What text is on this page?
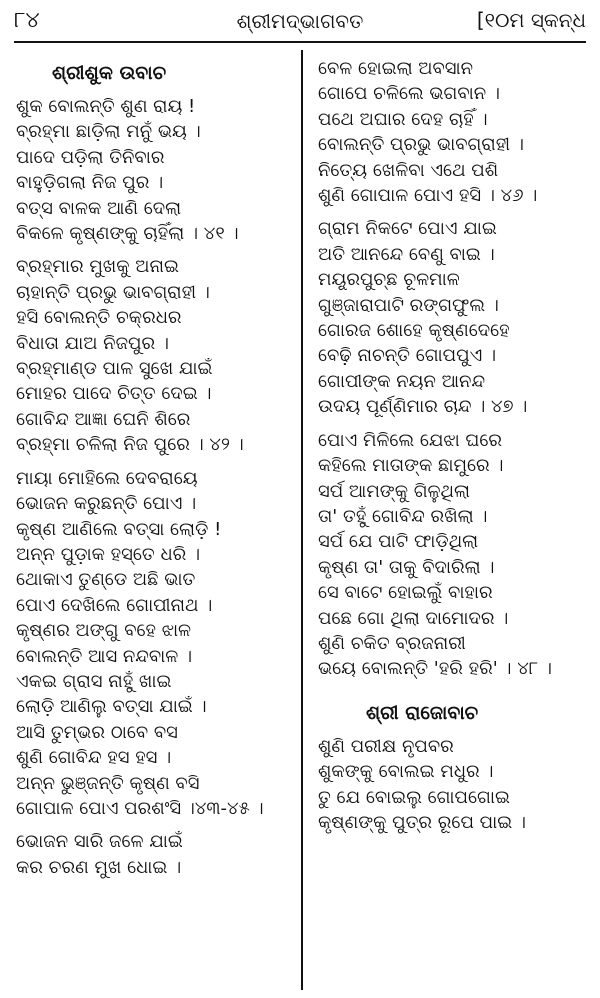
୮୪	ଶ୍ରୀମଦ୍‌ଭାଗବତ	[୧୦ମ ସ୍କନ୍ଧ
ଶ୍ରୀଶୁକ ଉବାଚ
ଶୁକ ବୋଲନ୍ତି ଶୁଣ ରାୟ !
ବ୍ରହ୍ମା ଛାଡ଼ିଲା ମନୁଁ ଭୟ ।
ପାଦେ ପଡ଼ିଲା ତିନିବାର
ବାହୁଡ଼ିଗଲା ନିଜ ପୁର ।
ବତ୍ସ ବାଳକ ଆଣି ଦେଲା
ବିକଳେ କୃଷ୍ଣଙ୍କୁ ଚାହିଁଲା । ୪୧ ।
ବ୍ରହ୍ମାର ମୁଖକୁ ଅନାଇ
ଚାହାନ୍ତି ପ୍ରଭୁ ଭାବଗ୍ରାହୀ ।
ହସି ବୋଲନ୍ତି ଚକ୍ରଧର
ବିଧାତା ଯାଅ ନିଜପୁର ।
ବ୍ରହ୍ମାଣ୍ଡ ପାଳ ସୁଖେ ଯାଇଁ
ମୋହର ପାଦେ ଚିତ୍ତ ଦେଇ ।
ଗୋବିନ୍ଦ ଆଜ୍ଞା ଘେନି ଶିରେ
ବ୍ରହ୍ମା ଚଳିଲା ନିଜ ପୁରେ । ୪୨ ।
ମାୟା ମୋହିଲେ ଦେବରାୟେ
ଭୋଜନ କରୁଛନ୍ତି ପୋଏ ।
କୃଷ୍ଣ ଆଣିଲେ ବତ୍ସା ଲୋଡ଼ି !
ଅନ୍ନ ପୁଡ଼ାକ ହସ୍ତେ ଧରି ।
ଥୋକାଏ ତୁଣ୍ଡେ ଅଛି ଭାତ
ପୋଏ ଦେଖିଲେ ଗୋପୀନାଥ ।
କୃଷ୍ଣର ଅଙ୍ଗୁ ବହେ ଝାଳ
ବୋଲନ୍ତି ଆସ ନନ୍ଦବାଳ ।
ଏକଇ ଗ୍ରାସ ନାହୁଁ ଖାଇ
ଲୋଡ଼ି ଆଣିଲୁ ବତ୍ସା ଯାଇଁ ।
ଆସି ତୁମ୍ଭର ଠାବେ ବସ
ଶୁଣି ଗୋବିନ୍ଦ ହସ ହସ ।
ଅନ୍ନ ଭୁଞ୍ଜନ୍ତି କୃଷ୍ଣ ବସି
ଗୋପାଳ ପୋଏ ପରଶଂସି ।୪୩-୪୫ ।
ଭୋଜନ ସାରି ଜଳେ ଯାଇଁ
କର ଚରଣ ମୁଖ ଧୋଇ ।
ବେଳ ହୋଇଲା ଅବସାନ
ଗୋପେ ଚଳିଲେ ଭଗବାନ ।
ପଥେ ଅଘାର ଦେହ ଚାହିଁ ।
ବୋଲନ୍ତି ପ୍ରଭୁ ଭାବଗ୍ରାହୀ ।
ନିତ୍ୟେ ଖେଳିବା ଏଥେ ପଶି
ଶୁଣି ଗୋପାଳ ପୋଏ ହସି । ୪୬ ।
ଗ୍ରାମ ନିକଟେ ପୋଏ ଯାଇ
ଅତି ଆନନ୍ଦେ ବେଣୁ ବାଇ ।
ମୟୂରପୁଚ୍ଛ ଚୂଳମାଳ
ଗୁଞ୍ଜାରାପାଟି ରଙ୍ଗଫୁଲ ।
ଗୋରଜ ଶୋହେ କୃଷ୍ଣଦେହେ
ବେଢ଼ି ନାଚନ୍ତି ଗୋପପୁଏ ।
ଗୋପୀଙ୍କ ନୟନ ଆନନ୍ଦ
ଉଦୟ ପୂର୍ଣ୍ଣିମାର ଚାନ୍ଦ । ୪୭ ।
ପୋଏ ମିଳିଲେ ଯେଝା ଘରେ
କହିଲେ ମାତାଙ୍କ ଛାମୁରେ ।
ସର୍ପ ଆମଙ୍କୁ ଗିଳୁଥିଲା
ତା' ତହୁଁ ଗୋବିନ୍ଦ ରଖିଲା ।
ସର୍ପ ଯେ ପାଟି ଫାଡ଼ିଥିଲା
କୃଷ୍ଣ ତା' ତାକୁ ବିଦାରିଲା ।
ସେ ବାଟେ ହୋଇଲୁଁ ବାହାର
ପଛେ ଗୋ ଥିଲା ଦାମୋଦର ।
ଶୁଣି ଚକିତ ବ୍ରଜନାରୀ
ଭୟେ ବୋଲନ୍ତି 'ହରି ହରି' । ୪୮ ।
ଶ୍ରୀ ରାଜୋବାଚ
ଶୁଣି ପରୀକ୍ଷ ନୃପବର
ଶୁକଙ୍କୁ ବୋଲଇ ମଧୁର ।
ତୁ ଯେ ବୋଇଲୁ ଗୋପଗୋଇ
କୃଷ୍ଣଙ୍କୁ ପୁତ୍ର ରୂପେ ପାଇ ।
